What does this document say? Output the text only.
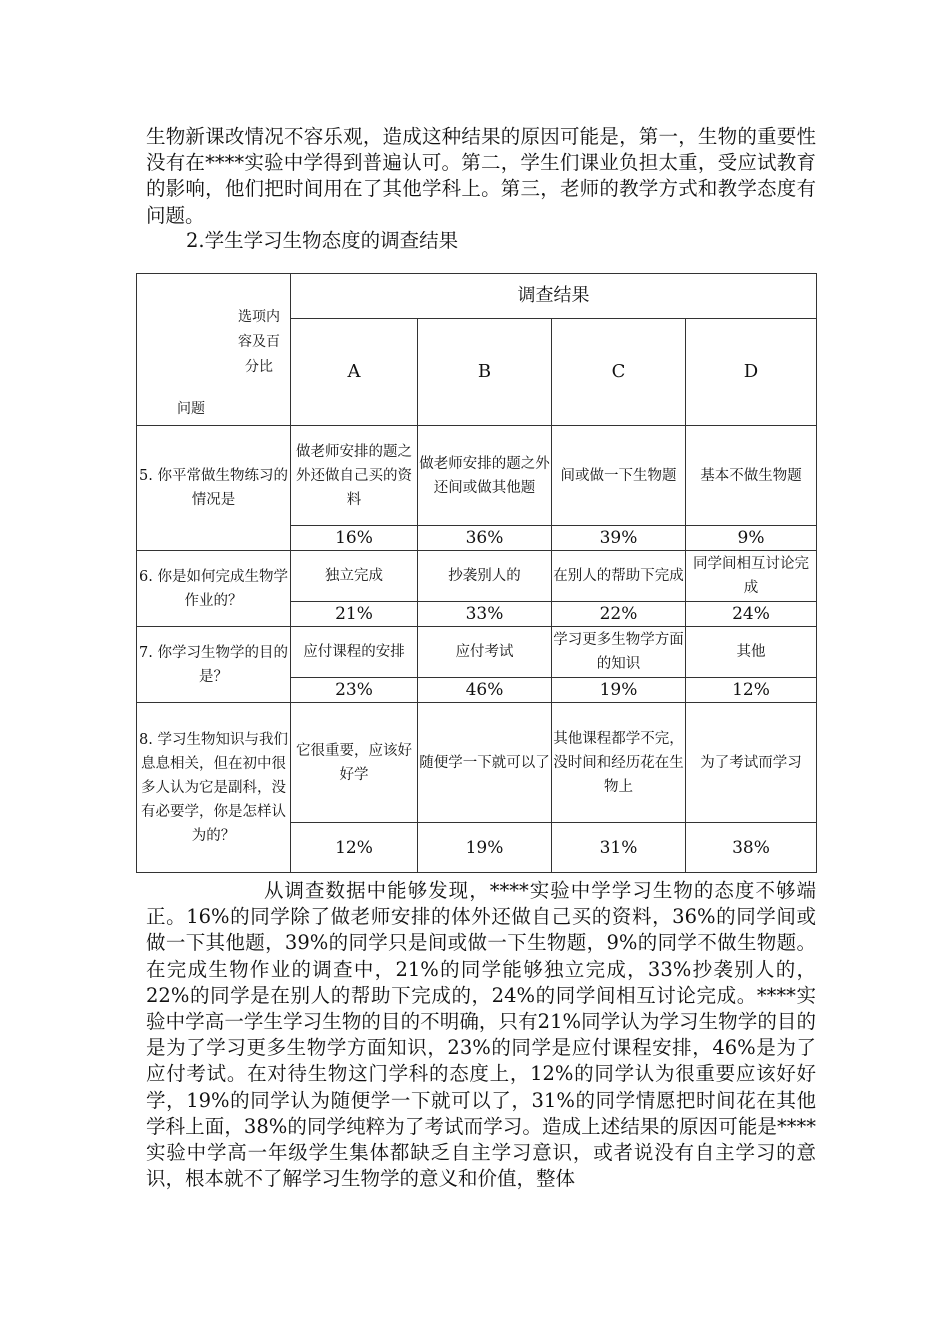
生物新课改情况不容乐观，造成这种结果的原因可能是，第一，生物的重要性没有在****实验中学得到普遍认可。第二，学生们课业负担太重，受应试教育的影响，他们把时间用在了其他学科上。第三，老师的教学方式和教学态度有问题。

2.学生学习生物态度的调查结果

选项内容及百分比
问题	调查结果			
	A	B	C	D
5. 你平常做生物练习的情况是	做老师安排的题之外还做自己买的资料	做老师安排的题之外还间或做其他题	间或做一下生物题	基本不做生物题
	16%	36%	39%	9%
6. 你是如何完成生物学作业的？	独立完成	抄袭别人的	在别人的帮助下完成	同学间相互讨论完成
	21%	33%	22%	24%
7. 你学习生物学的目的是？	应付课程的安排	应付考试	学习更多生物学方面的知识	其他
	23%	46%	19%	12%
8. 学习生物知识与我们息息相关，但在初中很多人认为它是副科，没有必要学，你是怎样认为的？	它很重要，应该好好学	随便学一下就可以了	其他课程都学不完，没时间和经历花在生物上	为了考试而学习
	12%	19%	31%	38%

从调查数据中能够发现，****实验中学学习生物的态度不够端正。16%的同学除了做老师安排的体外还做自己买的资料，36%的同学间或做一下其他题，39%的同学只是间或做一下生物题，9%的同学不做生物题。在完成生物作业的调查中，21%的同学能够独立完成，33%抄袭别人的，22%的同学是在别人的帮助下完成的，24%的同学间相互讨论完成。****实验中学高一学生学习生物的目的不明确，只有21%同学认为学习生物学的目的是为了学习更多生物学方面知识，23%的同学是应付课程安排，46%是为了应付考试。在对待生物这门学科的态度上，12%的同学认为很重要应该好好学，19%的同学认为随便学一下就可以了，31%的同学情愿把时间花在其他学科上面，38%的同学纯粹为了考试而学习。造成上述结果的原因可能是****实验中学高一年级学生集体都缺乏自主学习意识，或者说没有自主学习的意识，根本就不了解学习生物学的意义和价值，整体
